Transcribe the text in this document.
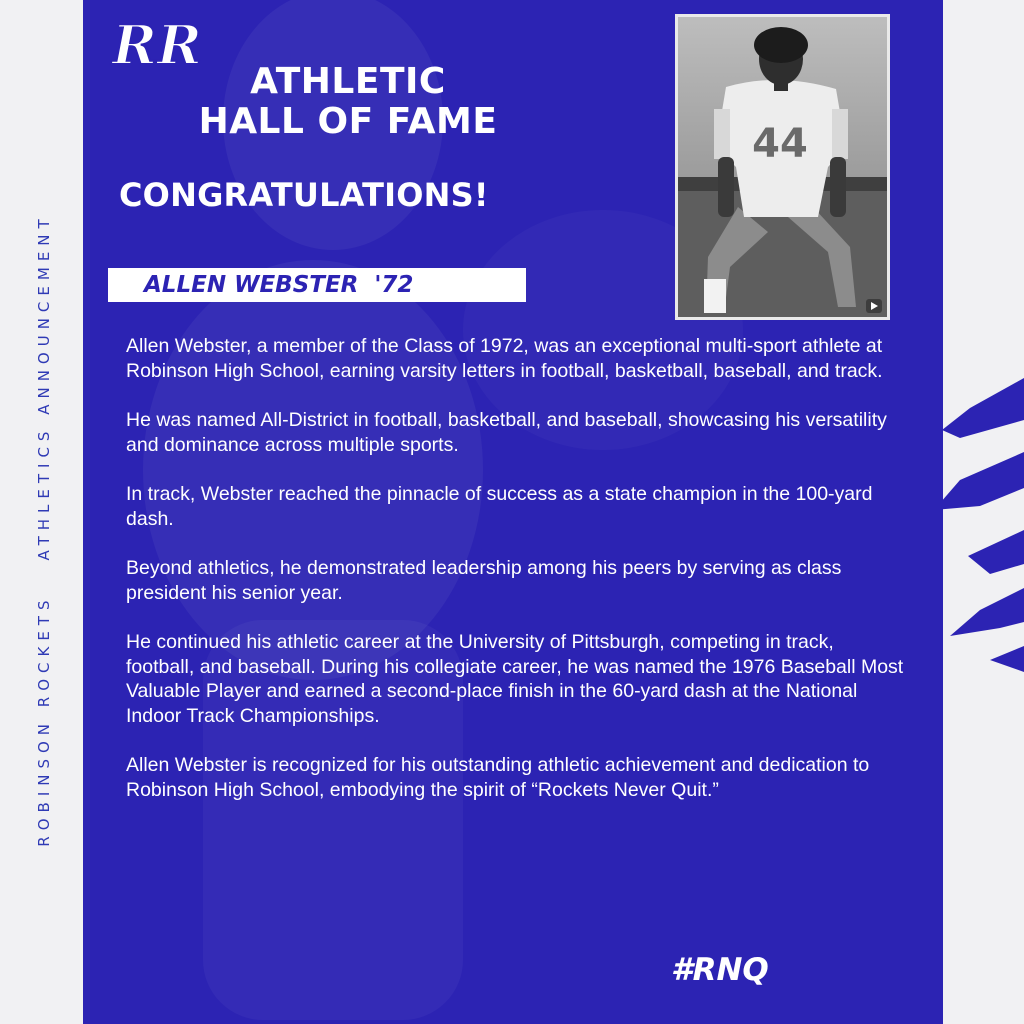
ROBINSON ROCKETSATHLETICS ANNOUNCEMENT
RR
ATHLETIC
HALL OF FAME
CONGRATULATIONS!
ALLEN WEBSTER  '72
44

Allen Webster, a member of the Class of 1972, was an exceptional multi-sport athlete at Robinson High School, earning varsity letters in football, basketball, baseball, and track.

He was named All-District in football, basketball, and baseball, showcasing his versatility and dominance across multiple sports.

In track, Webster reached the pinnacle of success as a state champion in the 100-yard dash.

Beyond athletics, he demonstrated leadership among his peers by serving as class president his senior year.

He continued his athletic career at the University of Pittsburgh, competing in track, football, and baseball. During his collegiate career, he was named the 1976 Baseball Most Valuable Player and earned a second-place finish in the 60-yard dash at the National Indoor Track Championships.

Allen Webster is recognized for his outstanding athletic achievement and dedication to Robinson High School, embodying the spirit of “Rockets Never Quit.”

#RNQ
